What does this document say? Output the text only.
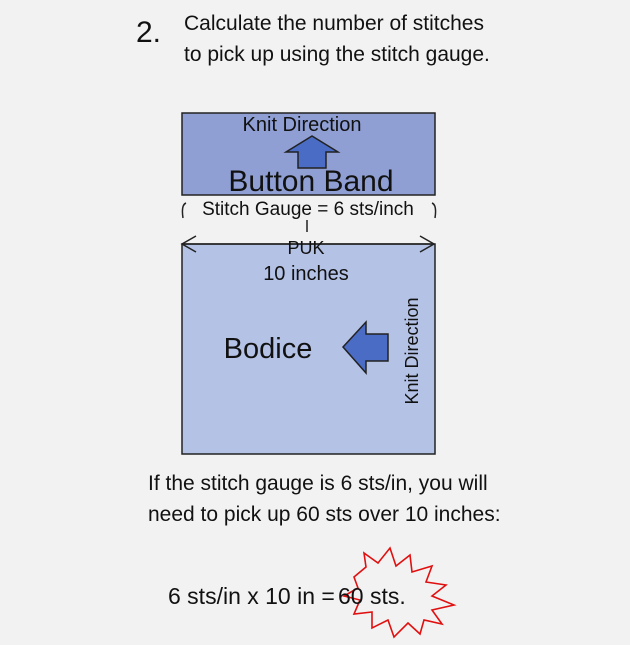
2. Calculate the number of stitches to pick up using the stitch gauge.
Knit Direction
Button Band
Stitch Gauge = 6 sts/inch
PUK
10 inches
Bodice	Knit Direction
If the stitch gauge is 6 sts/in, you will need to pick up 60 sts over 10 inches:
6 sts/in x 10 in = 60 sts.
